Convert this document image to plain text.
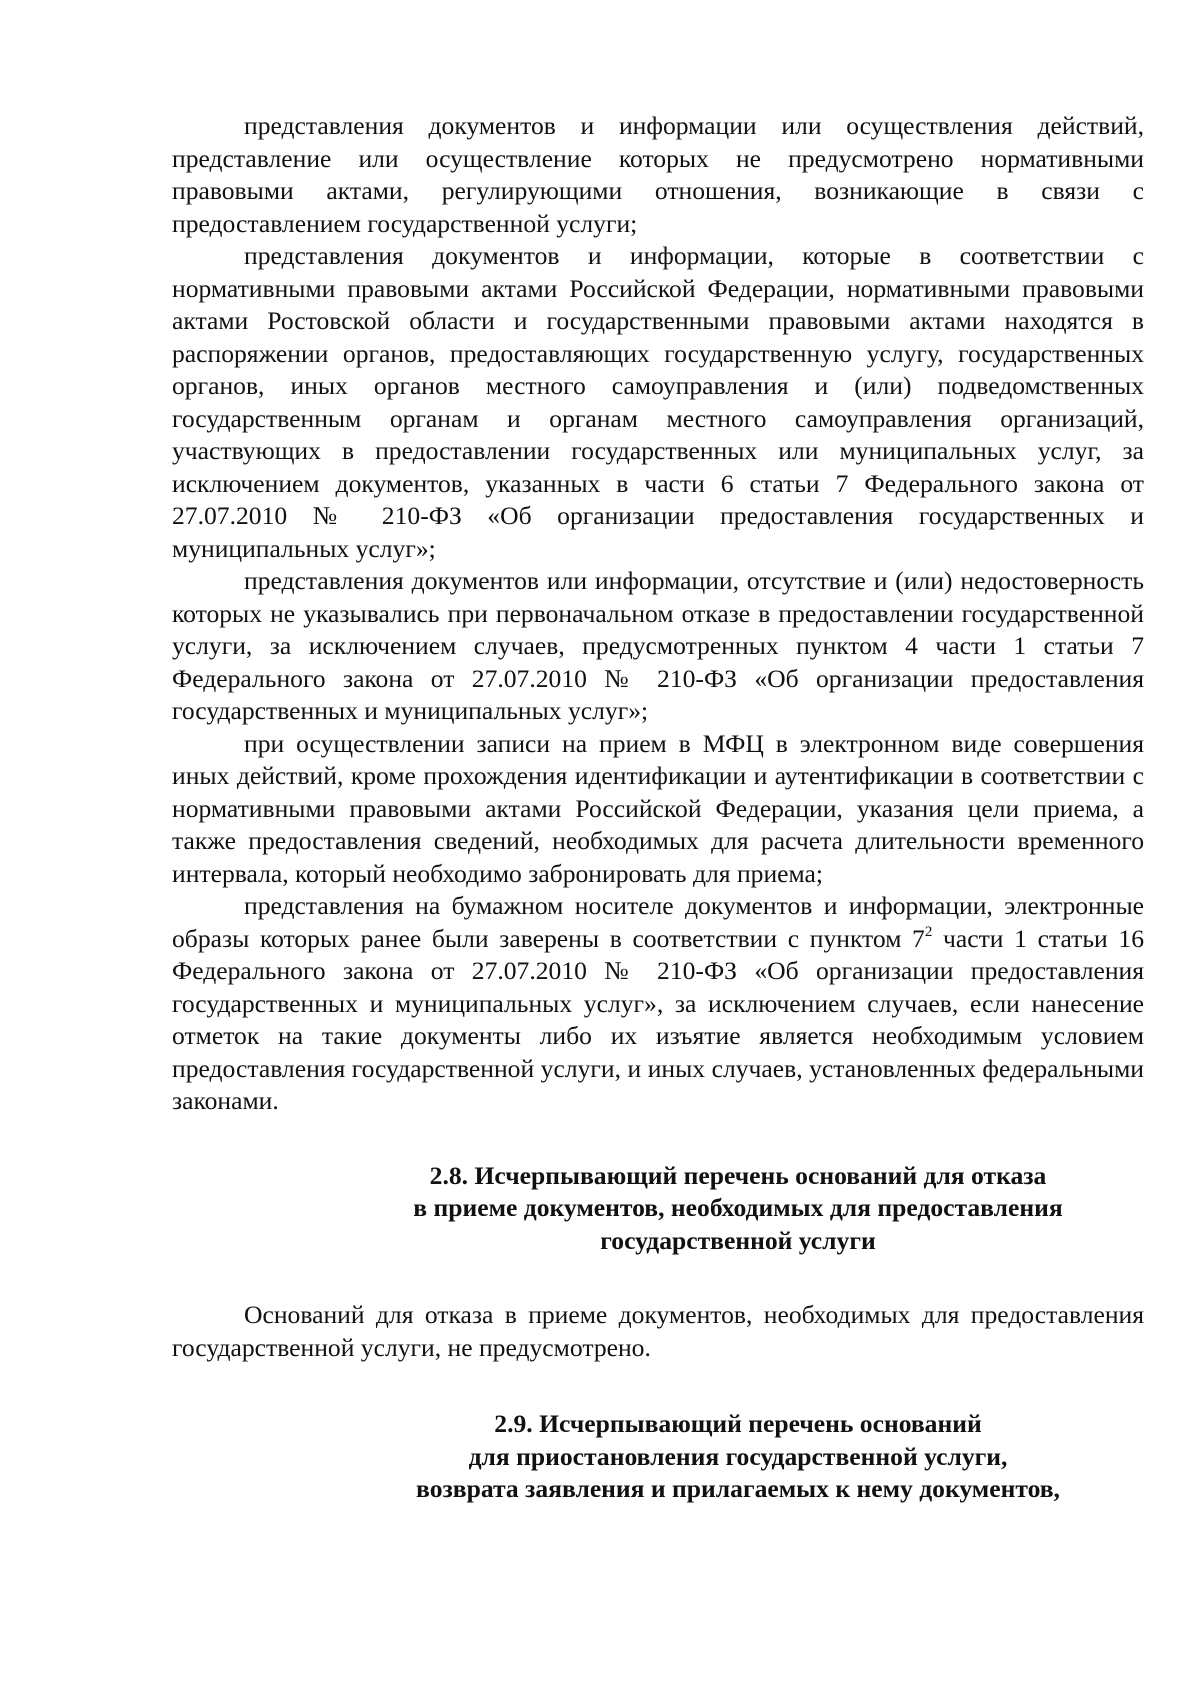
представления документов и информации или осуществления действий, представление или осуществление которых не предусмотрено нормативными правовыми актами, регулирующими отношения, возникающие в связи с предоставлением государственной услуги;

представления документов и информации, которые в соответствии с нормативными правовыми актами Российской Федерации, нормативными правовыми актами Ростовской области и государственными правовыми актами находятся в распоряжении органов, предоставляющих государственную услугу, государственных органов, иных органов местного самоуправления и (или) подведомственных государственным органам и органам местного самоуправления организаций, участвующих в предоставлении государственных или муниципальных услуг, за исключением документов, указанных в части 6 статьи 7 Федерального закона от 27.07.2010 № 210-ФЗ «Об организации предоставления государственных и муниципальных услуг»;

представления документов или информации, отсутствие и (или) недостоверность которых не указывались при первоначальном отказе в предоставлении государственной услуги, за исключением случаев, предусмотренных пунктом 4 части 1 статьи 7 Федерального закона от 27.07.2010 № 210-ФЗ «Об организации предоставления государственных и муниципальных услуг»;

при осуществлении записи на прием в МФЦ в электронном виде совершения иных действий, кроме прохождения идентификации и аутентификации в соответствии с нормативными правовыми актами Российской Федерации, указания цели приема, а также предоставления сведений, необходимых для расчета длительности временного интервала, который необходимо забронировать для приема;

представления на бумажном носителе документов и информации, электронные образы которых ранее были заверены в соответствии с пунктом $7^2$ части 1 статьи 16 Федерального закона от 27.07.2010 № 210-ФЗ «Об организации предоставления государственных и муниципальных услуг», за исключением случаев, если нанесение отметок на такие документы либо их изъятие является необходимым условием предоставления государственной услуги, и иных случаев, установленных федеральными законами.

2.8. Исчерпывающий перечень оснований для отказа
в приеме документов, необходимых для предоставления
государственной услуги

Оснований для отказа в приеме документов, необходимых для предоставления государственной услуги, не предусмотрено.

2.9. Исчерпывающий перечень оснований
для приостановления государственной услуги,
возврата заявления и прилагаемых к нему документов,
